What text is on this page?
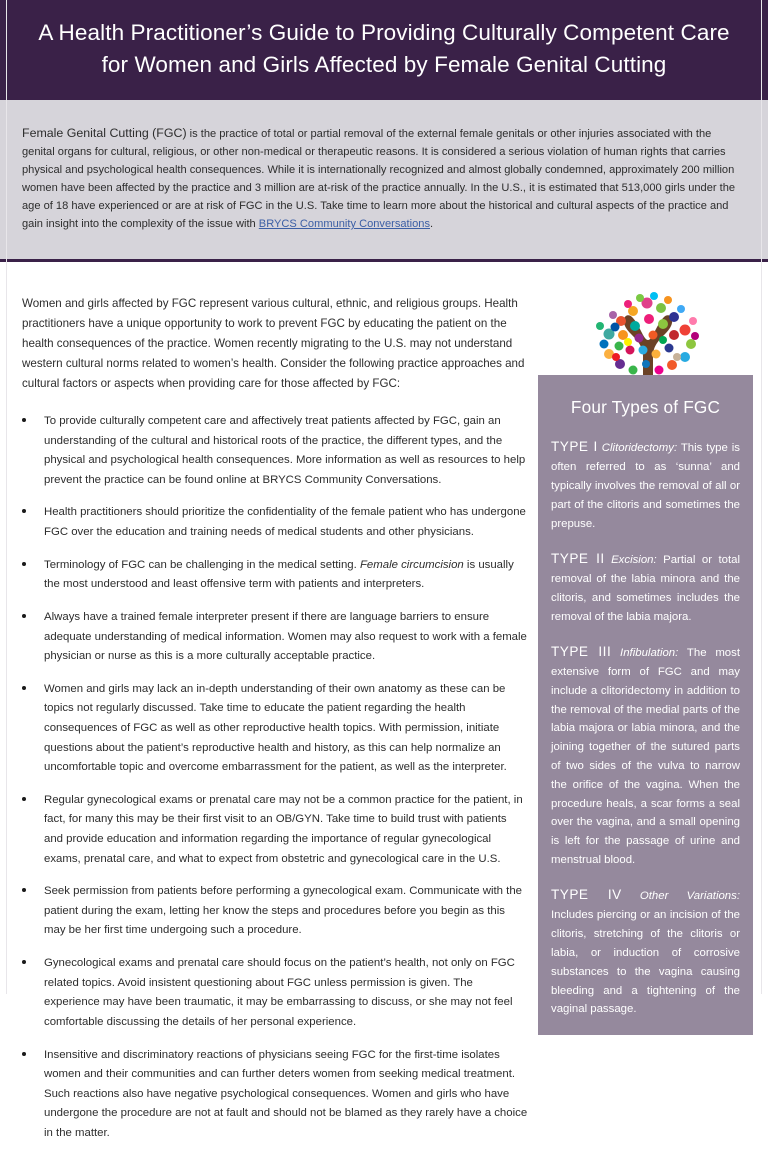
A Health Practitioner’s Guide to Providing Culturally Competent Care for Women and Girls Affected by Female Genital Cutting

Female Genital Cutting (FGC) is the practice of total or partial removal of the external female genitals or other injuries associated with the genital organs for cultural, religious, or other non-medical or therapeutic reasons. It is considered a serious violation of human rights that carries physical and psychological health consequences. While it is internationally recognized and almost globally condemned, approximately 200 million women have been affected by the practice and 3 million are at-risk of the practice annually. In the U.S., it is estimated that 513,000 girls under the age of 18 have experienced or are at risk of FGC in the U.S. Take time to learn more about the historical and cultural aspects of the practice and gain insight into the complexity of the issue with BRYCS Community Conversations.

Women and girls affected by FGC represent various cultural, ethnic, and religious groups. Health practitioners have a unique opportunity to work to prevent FGC by educating the patient on the health consequences of the practice. Women recently migrating to the U.S. may not understand western cultural norms related to women’s health. Consider the following practice approaches and cultural factors or aspects when providing care for those affected by FGC:

To provide culturally competent care and affectively treat patients affected by FGC, gain an understanding of the cultural and historical roots of the practice, the different types, and the physical and psychological health consequences. More information as well as resources to help prevent the practice can be found online at BRYCS Community Conversations.
Health practitioners should prioritize the confidentiality of the female patient who has undergone FGC over the education and training needs of medical students and other physicians.
Terminology of FGC can be challenging in the medical setting. Female circumcision is usually the most understood and least offensive term with patients and interpreters.
Always have a trained female interpreter present if there are language barriers to ensure adequate understanding of medical information. Women may also request to work with a female physician or nurse as this is a more culturally acceptable practice.
Women and girls may lack an in-depth understanding of their own anatomy as these can be topics not regularly discussed. Take time to educate the patient regarding the health consequences of FGC as well as other reproductive health topics. With permission, initiate questions about the patient’s reproductive health and history, as this can help normalize an uncomfortable topic and overcome embarrassment for the patient, as well as the interpreter.
Regular gynecological exams or prenatal care may not be a common practice for the patient, in fact, for many this may be their first visit to an OB/GYN. Take time to build trust with patients and provide education and information regarding the importance of regular gynecological exams, prenatal care, and what to expect from obstetric and gynecological care in the U.S.
Seek permission from patients before performing a gynecological exam. Communicate with the patient during the exam, letting her know the steps and procedures before you begin as this may be her first time undergoing such a procedure.
Gynecological exams and prenatal care should focus on the patient’s health, not only on FGC related topics. Avoid insistent questioning about FGC unless permission is given. The experience may have been traumatic, it may be embarrassing to discuss, or she may not feel comfortable discussing the details of her personal experience.
Insensitive and discriminatory reactions of physicians seeing FGC for the first-time isolates women and their communities and can further deters women from seeking medical treatment. Such reactions also have negative psychological consequences. Women and girls who have undergone the procedure are not at fault and should not be blamed as they rarely have a choice in the matter.
Four Types of FGC

TYPE I Clitoridectomy: This type is often referred to as ‘sunna’ and typically involves the removal of all or part of the clitoris and sometimes the prepuse.

TYPE II Excision: Partial or total removal of the labia minora and the clitoris, and sometimes includes the removal of the labia majora.

TYPE III Infibulation: The most extensive form of FGC and may include a clitoridectomy in addition to the removal of the medial parts of the labia majora or labia minora, and the joining together of the sutured parts of two sides of the vulva to narrow the orifice of the vagina. When the procedure heals, a scar forms a seal over the vagina, and a small opening is left for the passage of urine and menstrual blood.

TYPE IV Other Variations: Includes piercing or an incision of the clitoris, stretching of the clitoris or labia, or induction of corrosive substances to the vagina causing bleeding and a tightening of the vaginal passage.
